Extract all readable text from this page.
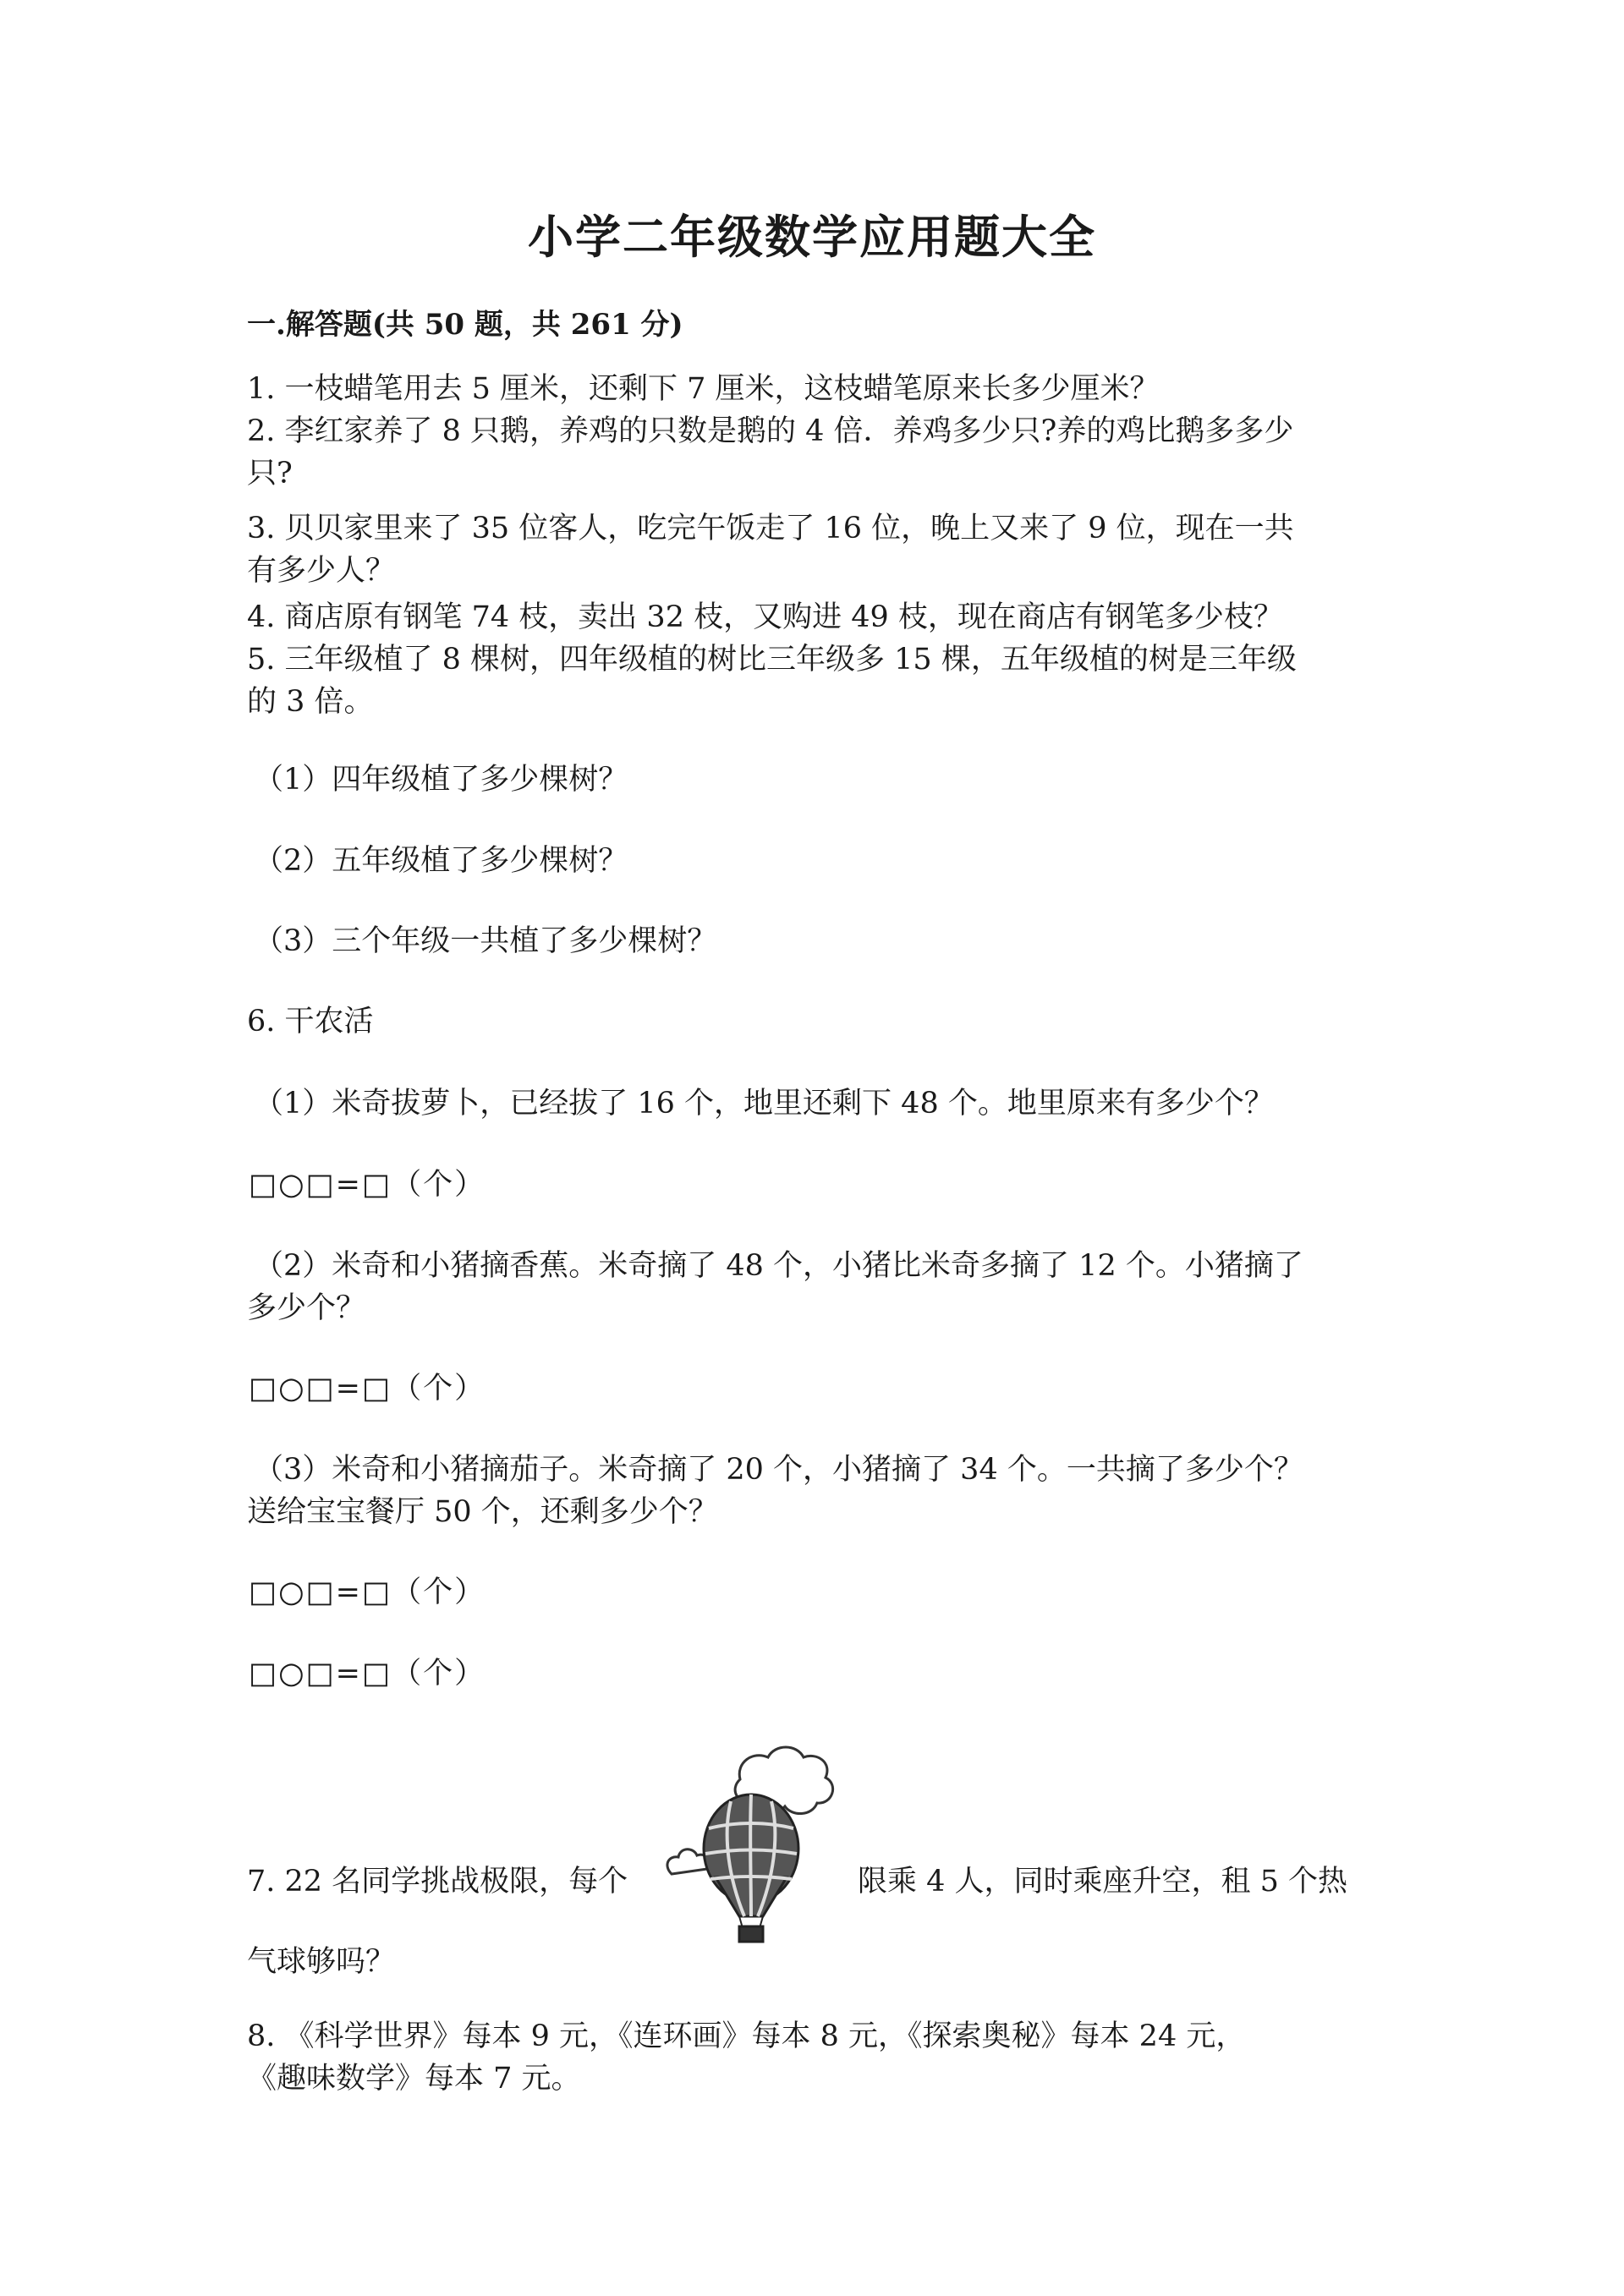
小学二年级数学应用题大全
一.解答题(共 50 题，共 261 分)
1. 一枝蜡笔用去 5 厘米，还剩下 7 厘米，这枝蜡笔原来长多少厘米？
2. 李红家养了 8 只鹅，养鸡的只数是鹅的 4 倍．养鸡多少只?养的鸡比鹅多多少
只?
3. 贝贝家里来了 35 位客人，吃完午饭走了 16 位，晚上又来了 9 位，现在一共
有多少人？
4. 商店原有钢笔 74 枝，卖出 32 枝，又购进 49 枝，现在商店有钢笔多少枝？
5. 三年级植了 8 棵树，四年级植的树比三年级多 15 棵，五年级植的树是三年级
的 3 倍。
（1）四年级植了多少棵树？
（2）五年级植了多少棵树？
（3）三个年级一共植了多少棵树？
6. 干农活
（1）米奇拔萝卜，已经拔了 16 个，地里还剩下 48 个。地里原来有多少个？
□○□=□（个）
（2）米奇和小猪摘香蕉。米奇摘了 48 个，小猪比米奇多摘了 12 个。小猪摘了
多少个？
□○□=□（个）
（3）米奇和小猪摘茄子。米奇摘了 20 个，小猪摘了 34 个。一共摘了多少个？
送给宝宝餐厅 50 个，还剩多少个？
□○□=□（个）
□○□=□（个）
7. 22 名同学挑战极限，每个	限乘 4 人，同时乘座升空，租 5 个热
气球够吗？
8. 《科学世界》每本 9 元，《连环画》每本 8 元，《探索奥秘》每本 24 元，
《趣味数学》每本 7 元。
